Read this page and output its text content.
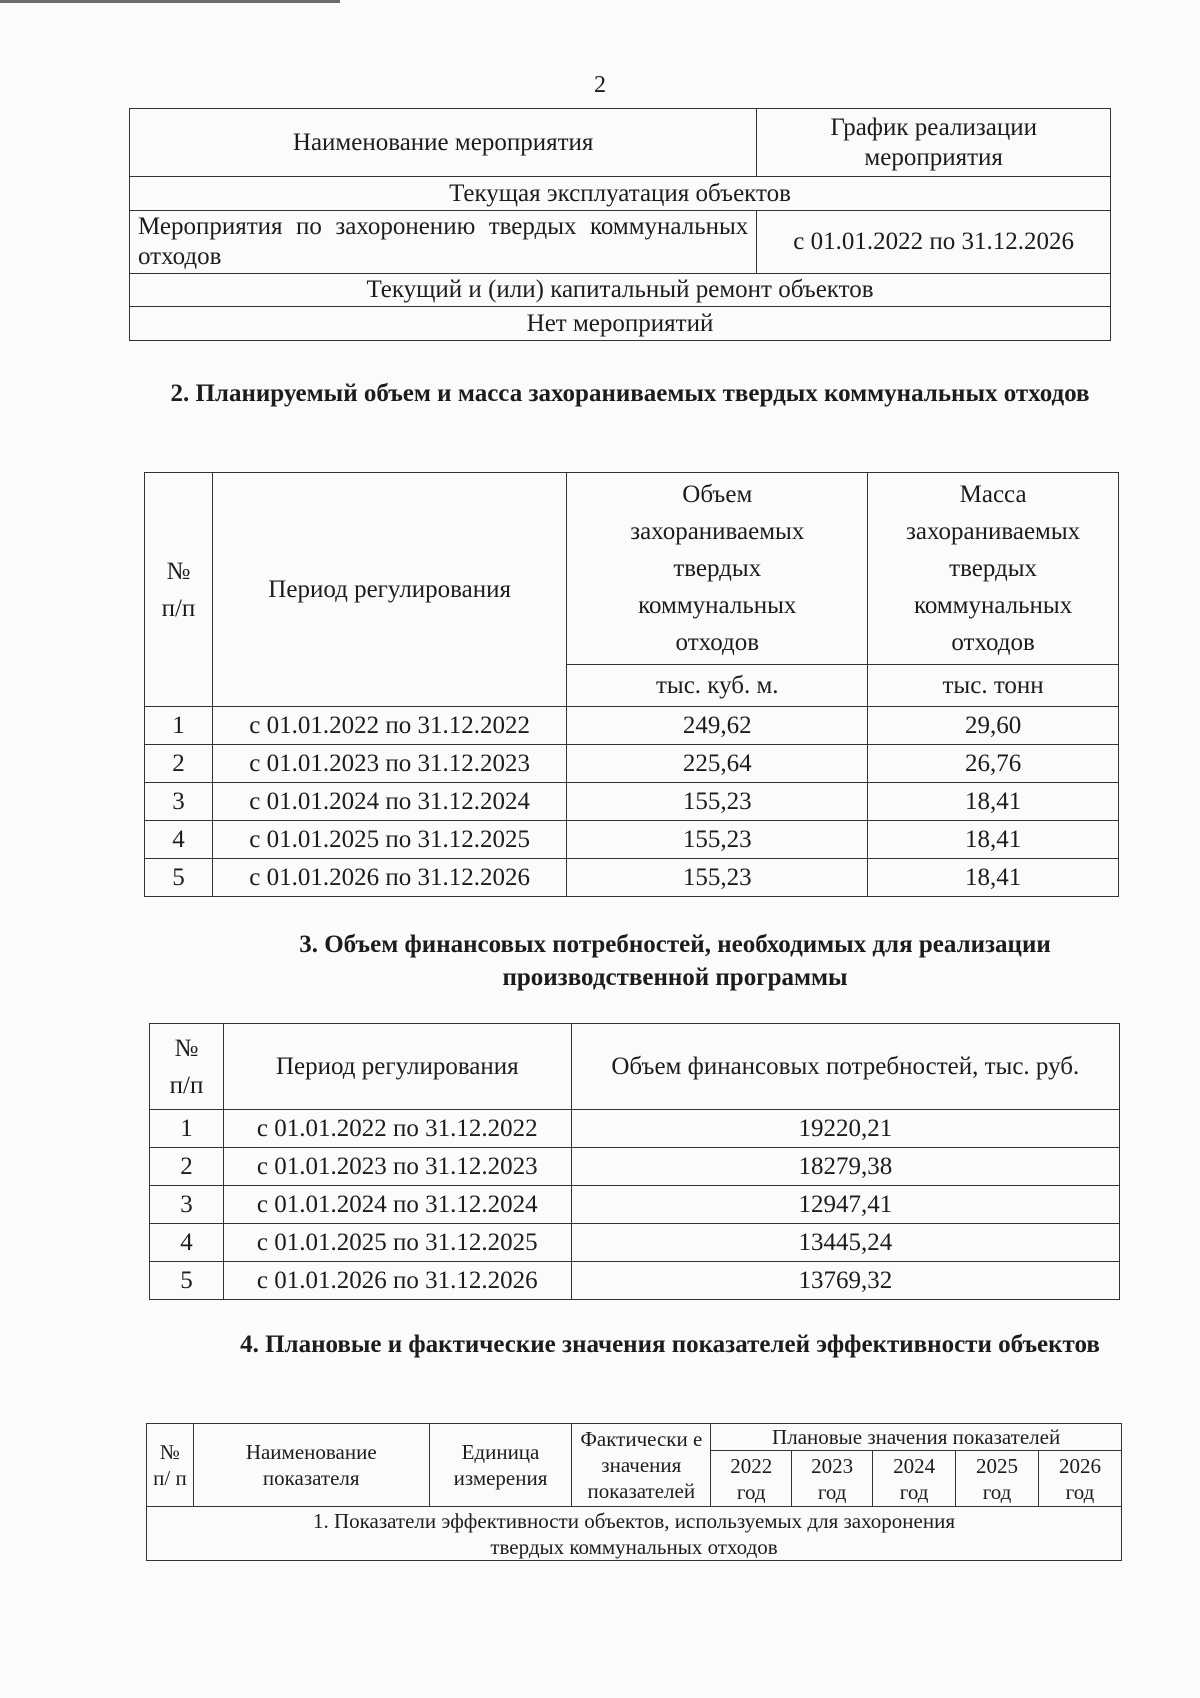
2
Наименование мероприятия	График реализации мероприятия
Текущая эксплуатация объектов	
Мероприятия по захоронению твердых коммунальных отходов	с 01.01.2022 по 31.12.2026
Текущий и (или) капитальный ремонт объектов	
Нет мероприятий	
2. Планируемый объем и масса захораниваемых твердых коммунальных отходов
№ п/п	Период регулирования	Объем захораниваемых твердых коммунальных отходов	Масса захораниваемых твердых коммунальных отходов
		тыс. куб. м.	тыс. тонн
1	с 01.01.2022 по 31.12.2022	249,62	29,60
2	с 01.01.2023 по 31.12.2023	225,64	26,76
3	с 01.01.2024 по 31.12.2024	155,23	18,41
4	с 01.01.2025 по 31.12.2025	155,23	18,41
5	с 01.01.2026 по 31.12.2026	155,23	18,41
3. Объем финансовых потребностей, необходимых для реализации производственной программы
№ п/п	Период регулирования	Объем финансовых потребностей, тыс. руб.
1	с 01.01.2022 по 31.12.2022	19220,21
2	с 01.01.2023 по 31.12.2023	18279,38
3	с 01.01.2024 по 31.12.2024	12947,41
4	с 01.01.2025 по 31.12.2025	13445,24
5	с 01.01.2026 по 31.12.2026	13769,32
4. Плановые и фактические значения показателей эффективности объектов
№ п/ п	Наименование показателя	Единица измерения	Фактически е значения показателей	Плановые значения показателей				
				2022 год	2023 год	2024 год	2025 год	2026 год
1. Показатели эффективности объектов, используемых для захоронения твердых коммунальных отходов								
